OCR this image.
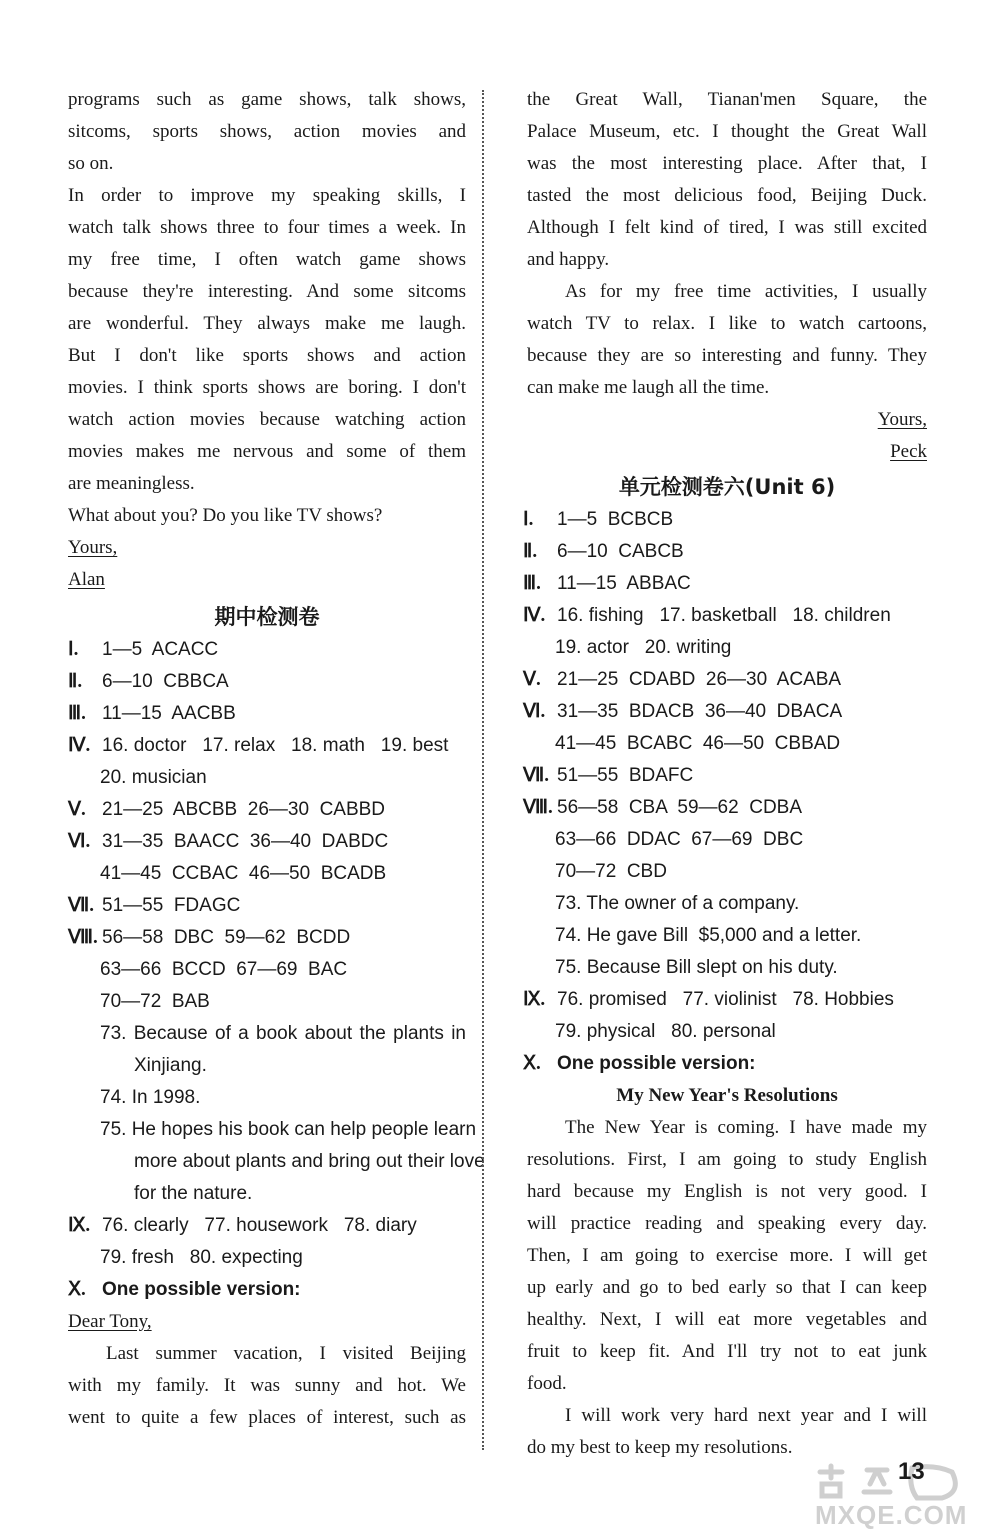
programs such as game shows, talk shows,
sitcoms, sports shows, action movies and
so on.
In order to improve my speaking skills, I
watch talk shows three to four times a week. In
my free time, I often watch game shows
because they're interesting. And some sitcoms
are wonderful. They always make me laugh.
But I don't like sports shows and action
movies. I think sports shows are boring. I don't
watch action movies because watching action
movies makes me nervous and some of them
are meaningless.
What about you? Do you like TV shows?
Yours,
Alan
期中检测卷
Ⅰ. 1—5  ACACC
Ⅱ. 6—10  CBBCA
Ⅲ. 11—15  AACBB
Ⅳ. 16. doctor   17. relax   18. math   19. best
20. musician
Ⅴ. 21—25  ABCBB  26—30  CABBD
Ⅵ. 31—35  BAACC  36—40  DABDC
41—45  CCBAC  46—50  BCADB
Ⅶ. 51—55  FDAGC
Ⅷ. 56—58  DBC  59—62  BCDD
63—66  BCCD  67—69  BAC
70—72  BAB
73. Because of a book about the plants in
Xinjiang.
74. In 1998.
75. He hopes his book can help people learn
more about plants and bring out their love
for the nature.
Ⅸ. 76. clearly   77. housework   78. diary
79. fresh   80. expecting
Ⅹ. One possible version:
Dear Tony,
Last summer vacation, I visited Beijing
with my family. It was sunny and hot. We
went to quite a few places of interest, such as
the Great Wall, Tianan'men Square, the
Palace Museum, etc. I thought the Great Wall
was the most interesting place. After that, I
tasted the most delicious food, Beijing Duck.
Although I felt kind of tired, I was still excited
and happy.
As for my free time activities, I usually
watch TV to relax. I like to watch cartoons,
because they are so interesting and funny. They
can make me laugh all the time.
Yours,
Peck
单元检测卷六(Unit 6)
Ⅰ. 1—5  BCBCB
Ⅱ. 6—10  CABCB
Ⅲ. 11—15  ABBAC
Ⅳ. 16. fishing   17. basketball   18. children
19. actor   20. writing
Ⅴ. 21—25  CDABD  26—30  ACABA
Ⅵ. 31—35  BDACB  36—40  DBACA
41—45  BCABC  46—50  CBBAD
Ⅶ. 51—55  BDAFC
Ⅷ. 56—58  CBA  59—62  CDBA
63—66  DDAC  67—69  DBC
70—72  CBD
73. The owner of a company.
74. He gave Bill  $5,000 and a letter.
75. Because Bill slept on his duty.
Ⅸ. 76. promised   77. violinist   78. Hobbies
79. physical   80. personal
Ⅹ. One possible version:
My New Year's Resolutions
The New Year is coming. I have made my
resolutions. First, I am going to study English
hard because my English is not very good. I
will practice reading and speaking every day.
Then, I am going to exercise more. I will get
up early and go to bed early so that I can keep
healthy. Next, I will eat more vegetables and
fruit to keep fit. And I'll try not to eat junk
food.
I will work very hard next year and I will
do my best to keep my resolutions.
MXQE.COM
13
